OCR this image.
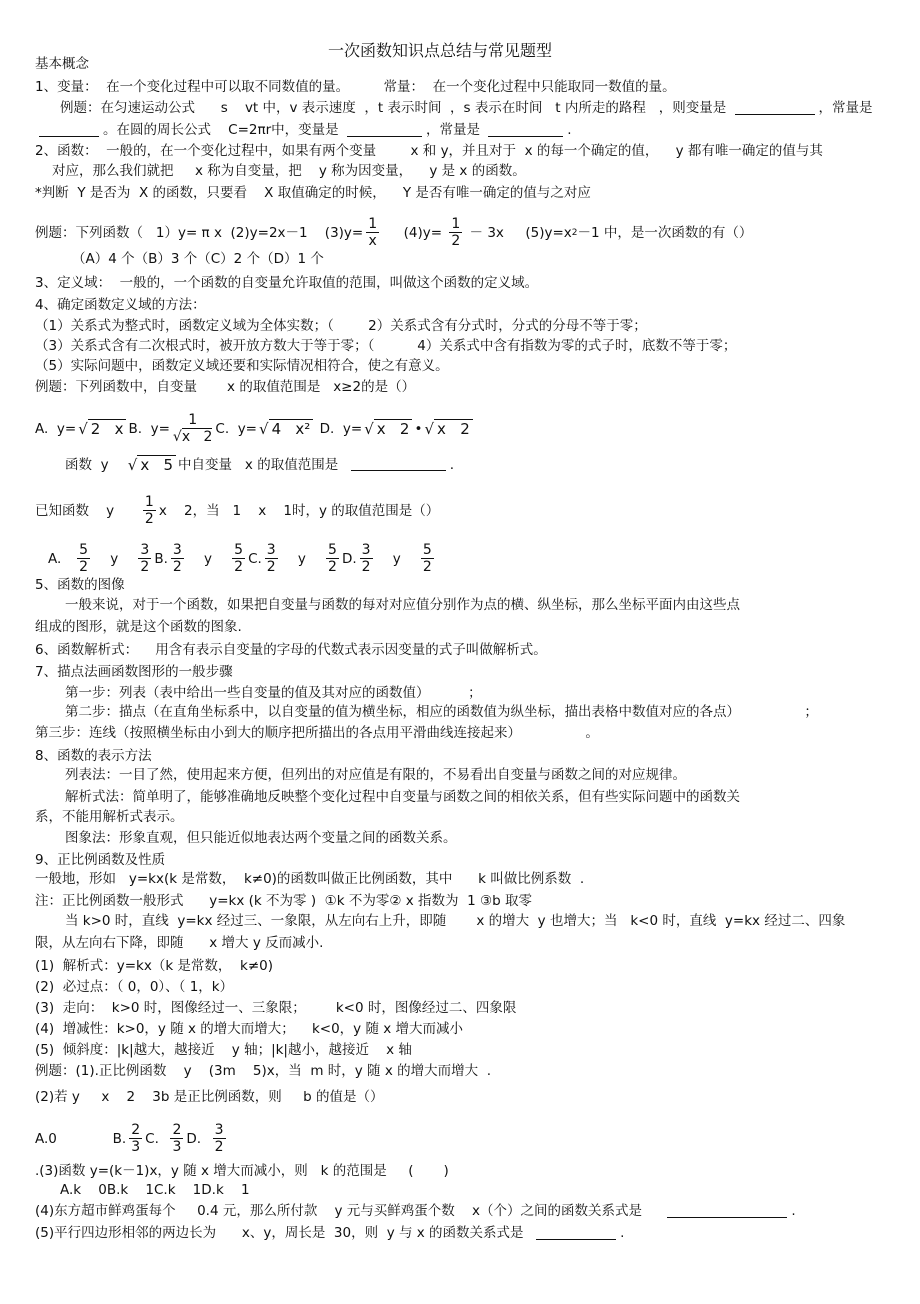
一次函数知识点总结与常见题型
基本概念
1、变量：  在一个变化过程中可以取不同数值的量。        常量：  在一个变化过程中只能取同一数值的量。
例题：在匀速运动公式      s    vt 中，v 表示速度  ，t 表示时间  ，s 表示在时间   t 内所走的路程   ，则变量是	，常量是
。在圆的周长公式    C=2πr中，变量是	，常量是	.
2、函数：  一般的，在一个变化过程中，如果有两个变量        x 和 y，并且对于  x 的每一个确定的值，    y 都有唯一确定的值与其
对应，那么我们就把     x 称为自变量，把    y 称为因变量，    y 是 x 的函数。
*判断  Y 是否为  X 的函数，只要看    X 取值确定的时候，    Y 是否有唯一确定的值与之对应
例题：下列函数（   1）y= π x  (2)y=2x－1    $(3)y= \frac{1}{x} (4)y= \frac{1}{2} - 3x$     (5)y=x 2 －1 中，是一次函数的有（）
（A）4 个（B）3 个（C）2 个（D）1 个
3、定义域：  一般的，一个函数的自变量允许取值的范围，叫做这个函数的定义域。
4、确定函数定义域的方法：
（1）关系式为整式时，函数定义域为全体实数；（        2）关系式含有分式时，分式的分母不等于零；
（3）关系式含有二次根式时，被开放方数大于等于零；（          4）关系式中含有指数为零的式子时，底数不等于零；
（5）实际问题中，函数定义域还要和实际情况相符合，使之有意义。
例题：下列函数中，自变量       x 的取值范围是   x≥2的是（）
A.  y= √ 2   x B.  $y= \frac{1}{√x 2} C$.  y= √ 4   x² D.  y= √ x   2 • √ x   2
函数  y √ x   5 中自变量   x 的取值范围是	.
已知函数    y $\frac{1}{2}$ x    2，当   1    x    1时，y 的取值范围是（）
A. $\frac{5}{2}$ y $\frac{3}{2} B$. $\frac{3}{2}$ y $\frac{5}{2} C$. $\frac{3}{2}$ y $\frac{5}{2} D$. $\frac{3}{2}$ y $\frac{5}{2}$
5、函数的图像
一般来说，对于一个函数，如果把自变量与函数的每对对应值分别作为点的横、纵坐标，那么坐标平面内由这些点
组成的图形，就是这个函数的图象.
6、函数解析式：    用含有表示自变量的字母的代数式表示因变量的式子叫做解析式。
7、描点法画函数图形的一般步骤
第一步：列表（表中给出一些自变量的值及其对应的函数值）         ；
第二步：描点（在直角坐标系中，以自变量的值为横坐标，相应的函数值为纵坐标，描出表格中数值对应的各点）               ；
第三步：连线（按照横坐标由小到大的顺序把所描出的各点用平滑曲线连接起来）               。
8、函数的表示方法
列表法：一目了然，使用起来方便，但列出的对应值是有限的，不易看出自变量与函数之间的对应规律。
解析式法：简单明了，能够准确地反映整个变化过程中自变量与函数之间的相依关系，但有些实际问题中的函数关
系，不能用解析式表示。
图象法：形象直观，但只能近似地表达两个变量之间的函数关系。
9、正比例函数及性质
一般地，形如   y=kx(k 是常数，  k≠0)的函数叫做正比例函数，其中      k 叫做比例系数  .
注：正比例函数一般形式      y=kx (k 不为零 )  ①k 不为零② x 指数为  1 ③b 取零
当 k>0 时，直线  y=kx 经过三、一象限，从左向右上升，即随       x 的增大  y 也增大；当   k<0 时，直线  y=kx 经过二、四象
限，从左向右下降，即随      x 增大 y 反而减小.
(1)  解析式：y=kx（k 是常数，  k≠0)
(2)  必过点：（ 0，0）、（ 1，k）
(3)  走向：  k>0 时，图像经过一、三象限；       k<0 时，图像经过二、四象限
(4)  增减性：k>0，y 随 x 的增大而增大；    k<0，y 随 x 增大而减小
(5)  倾斜度：|k|越大，越接近    y 轴；|k|越小，越接近    x 轴
例题：(1).正比例函数    y    (3m    5)x，当  m 时，y 随 x 的增大而增大  .
(2)若 y     x    2    3b 是正比例函数，则     b 的值是（）
A.0             B. $\frac{2}{3} C$. $\frac{2}{3} D$. $\frac{3}{2}$
.(3)函数 y=(k－1)x，y 随 x 增大而减小，则   k 的范围是     (       )
A.k    0B.k    1C.k    1D.k    1
(4)东方超市鲜鸡蛋每个     0.4 元，那么所付款    y 元与买鲜鸡蛋个数    x（个）之间的函数关系式是	.
(5)平行四边形相邻的两边长为      x、y，周长是  30，则  y 与 x 的函数关系式是	.
